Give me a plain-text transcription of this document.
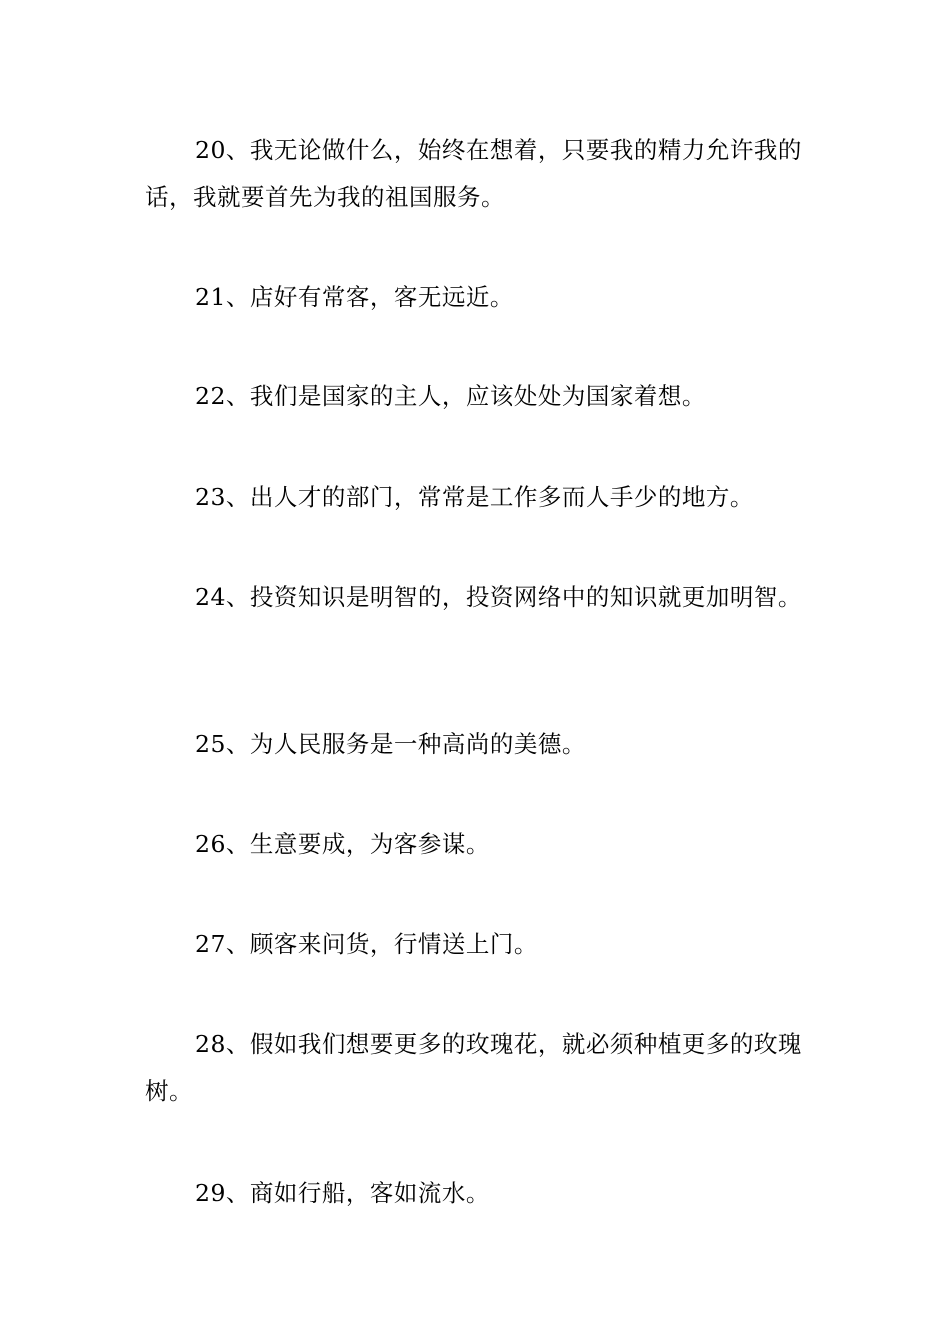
20、我无论做什么，始终在想着，只要我的精力允许我的话，我就要首先为我的祖国服务。

21、店好有常客，客无远近。

22、我们是国家的主人，应该处处为国家着想。

23、出人才的部门，常常是工作多而人手少的地方。

24、投资知识是明智的，投资网络中的知识就更加明智。

25、为人民服务是一种高尚的美德。

26、生意要成，为客参谋。

27、顾客来问货，行情送上门。

28、假如我们想要更多的玫瑰花，就必须种植更多的玫瑰树。

29、商如行船，客如流水。
